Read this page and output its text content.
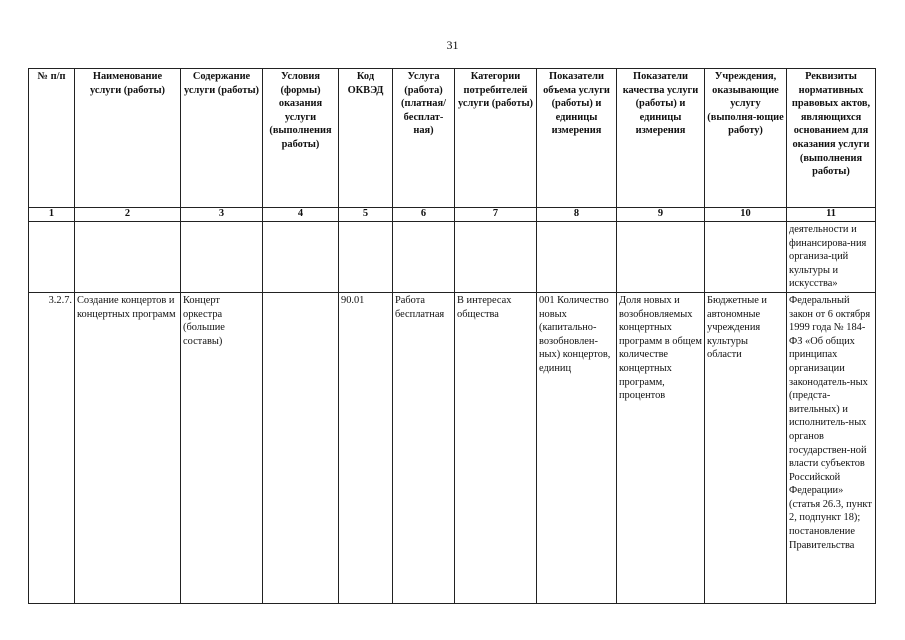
31
№ п/п	Наименование услуги (работы)	Содержание услуги (работы)	Условия (формы) оказания услуги (выполнения работы)	Код ОКВЭД	Услуга (работа) (платная/ бесплат-ная)	Категории потребителей услуги (работы)	Показатели объема услуги (работы) и единицы измерения	Показатели качества услуги (работы) и единицы измерения	Учреждения, оказывающие услугу (выполня-ющие работу)	Реквизиты нормативных правовых актов, являющихся основанием для оказания услуги (выполнения работы)
1	2	3	4	5	6	7	8	9	10	11
										деятельности и финансирова-ния организа-ций культуры и искусства»
3.2.7.	Создание концертов и концертных программ	Концерт оркестра (большие составы)		90.01	Работа бесплатная	В интересах общества	001 Количество новых (капитально-возобновлен-ных) концертов, единиц	Доля новых и возобновляемых концертных программ в общем количестве концертных программ, процентов	Бюджетные и автономные учреждения культуры области	Федеральный закон от 6 октября 1999 года № 184-ФЗ «Об общих принципах организации законодатель-ных (предста-вительных) и исполнитель-ных органов государствен-ной власти субъектов Российской Федерации» (статья 26.3, пункт 2, подпункт 18); постановление Правительства
